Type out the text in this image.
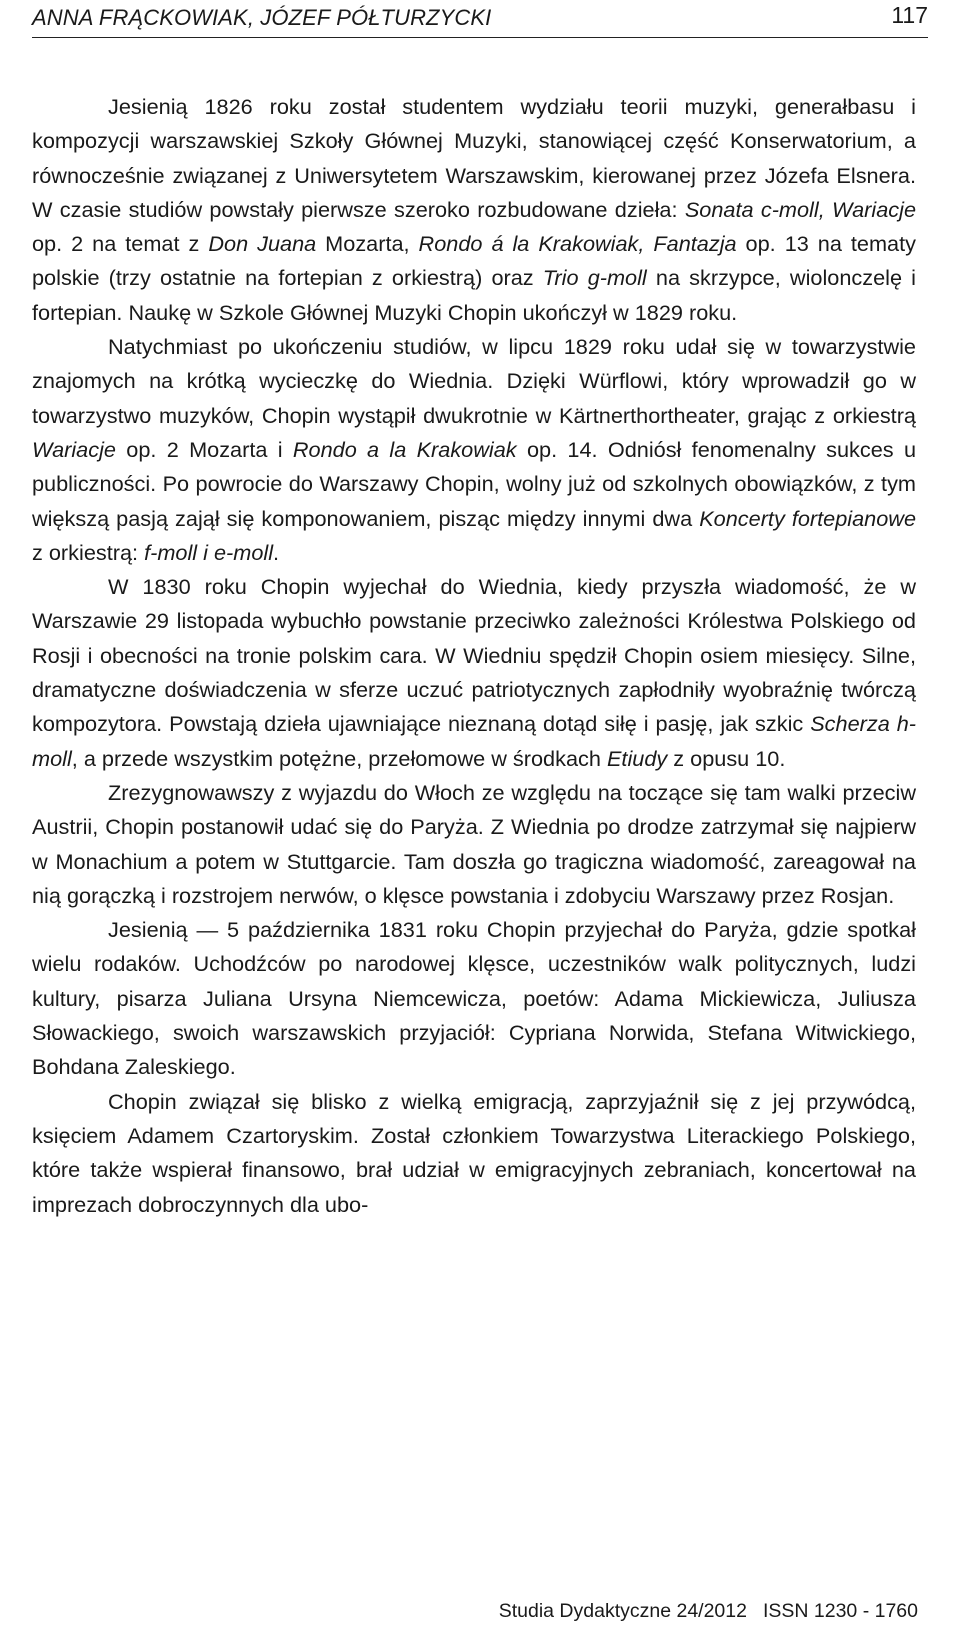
ANNA FRĄCKOWIAK, JÓZEF PÓŁTURZYCKI	117

Jesienią 1826 roku został studentem wydziału teorii muzyki, generałbasu i kompozycji warszawskiej Szkoły Głównej Muzyki, stanowiącej część Konserwatorium, a równocześnie związanej z Uniwersytetem Warszawskim, kierowanej przez Józefa Elsnera. W czasie studiów powstały pierwsze szeroko rozbudowane dzieła: Sonata c-moll, Wariacje op. 2 na temat z Don Juana Mozarta, Rondo á la Krakowiak, Fantazja op. 13 na tematy polskie (trzy ostatnie na fortepian z orkiestrą) oraz Trio g-moll na skrzypce, wiolonczelę i fortepian. Naukę w Szkole Głównej Muzyki Chopin ukończył w 1829 roku.

Natychmiast po ukończeniu studiów, w lipcu 1829 roku udał się w towarzystwie znajomych na krótką wycieczkę do Wiednia. Dzięki Würflowi, który wprowadził go w towarzystwo muzyków, Chopin wystąpił dwukrotnie w Kärtnerthortheater, grając z orkiestrą Wariacje op. 2 Mozarta i Rondo a la Krakowiak op. 14. Odniósł fenomenalny sukces u publiczności. Po powrocie do Warszawy Chopin, wolny już od szkolnych obowiązków, z tym większą pasją zajął się komponowaniem, pisząc między innymi dwa Koncerty fortepianowe z orkiestrą: f-moll i e-moll.

W 1830 roku Chopin wyjechał do Wiednia, kiedy przyszła wiadomość, że w Warszawie 29 listopada wybuchło powstanie przeciwko zależności Królestwa Polskiego od Rosji i obecności na tronie polskim cara. W Wiedniu spędził Chopin osiem miesięcy. Silne, dramatyczne doświadczenia w sferze uczuć patriotycznych zapłodniły wyobraźnię twórczą kompozytora. Powstają dzieła ujawniające nieznaną dotąd siłę i pasję, jak szkic Scherza h-moll, a przede wszystkim potężne, przełomowe w środkach Etiudy z opusu 10.

Zrezygnowawszy z wyjazdu do Włoch ze względu na toczące się tam walki przeciw Austrii, Chopin postanowił udać się do Paryża. Z Wiednia po drodze zatrzymał się najpierw w Monachium a potem w Stuttgarcie. Tam doszła go tragiczna wiadomość, zareagował na nią gorączką i rozstrojem nerwów, o klęsce powstania i zdobyciu Warszawy przez Rosjan.

Jesienią — 5 października 1831 roku Chopin przyjechał do Paryża, gdzie spotkał wielu rodaków. Uchodźców po narodowej klęsce, uczestników walk politycznych, ludzi kultury, pisarza Juliana Ursyna Niemcewicza, poetów: Adama Mickiewicza, Juliusza Słowackiego, swoich warszawskich przyjaciół: Cypriana Norwida, Stefana Witwickiego, Bohdana Zaleskiego.

Chopin związał się blisko z wielką emigracją, zaprzyjaźnił się z jej przywódcą, księciem Adamem Czartoryskim. Został członkiem Towarzystwa Literackiego Polskiego, które także wspierał finansowo, brał udział w emigracyjnych zebraniach, koncertował na imprezach dobroczynnych dla ubo-

Studia Dydaktyczne 24/2012 ISSN 1230 - 1760
